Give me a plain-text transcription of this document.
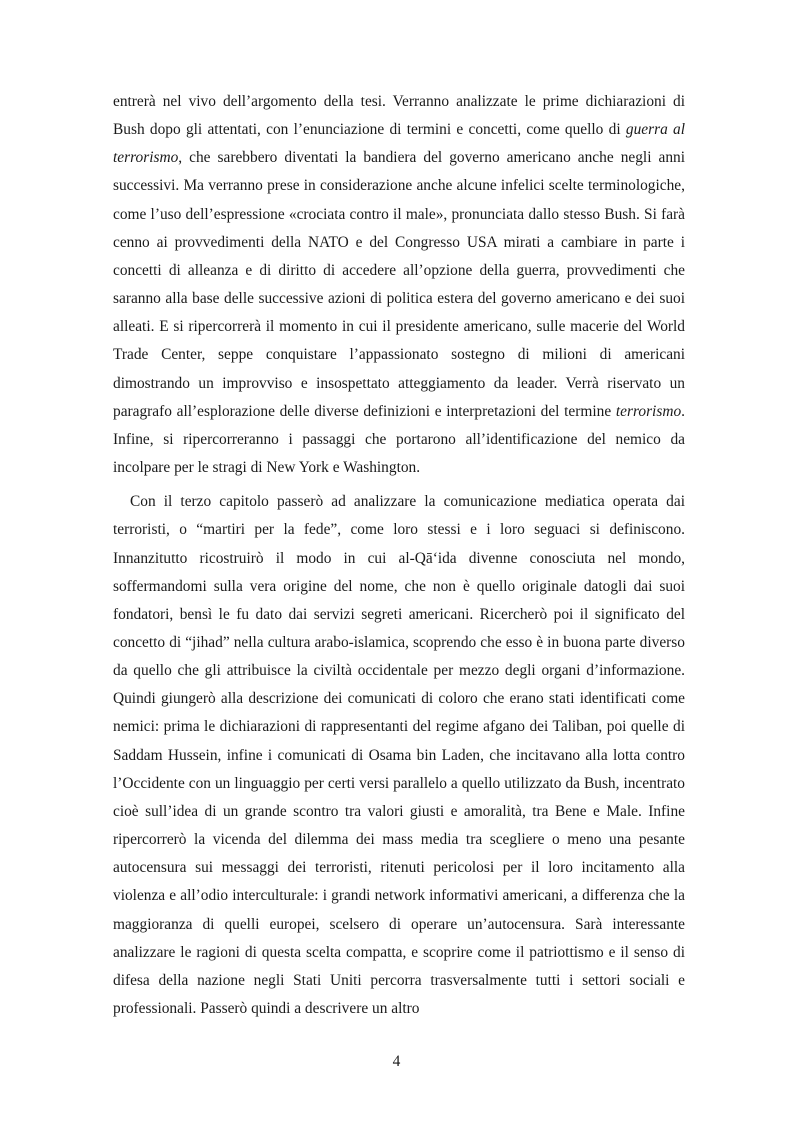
entrerà nel vivo dell’argomento della tesi. Verranno analizzate le prime dichiarazioni di Bush dopo gli attentati, con l’enunciazione di termini e concetti, come quello di guerra al terrorismo, che sarebbero diventati la bandiera del governo americano anche negli anni successivi. Ma verranno prese in considerazione anche alcune infelici scelte terminologiche, come l’uso dell’espressione «crociata contro il male», pronunciata dallo stesso Bush. Si farà cenno ai provvedimenti della NATO e del Congresso USA mirati a cambiare in parte i concetti di alleanza e di diritto di accedere all’opzione della guerra, provvedimenti che saranno alla base delle successive azioni di politica estera del governo americano e dei suoi alleati. E si ripercorrerà il momento in cui il presidente americano, sulle macerie del World Trade Center, seppe conquistare l’appassionato sostegno di milioni di americani dimostrando un improvviso e insospettato atteggiamento da leader. Verrà riservato un paragrafo all’esplorazione delle diverse definizioni e interpretazioni del termine terrorismo. Infine, si ripercorreranno i passaggi che portarono all’identificazione del nemico da incolpare per le stragi di New York e Washington.

Con il terzo capitolo passerò ad analizzare la comunicazione mediatica operata dai terroristi, o “martiri per la fede”, come loro stessi e i loro seguaci si definiscono. Innanzitutto ricostruirò il modo in cui al-Qā‘ida divenne conosciuta nel mondo, soffermandomi sulla vera origine del nome, che non è quello originale datogli dai suoi fondatori, bensì le fu dato dai servizi segreti americani. Ricercherò poi il significato del concetto di “jihad” nella cultura arabo-islamica, scoprendo che esso è in buona parte diverso da quello che gli attribuisce la civiltà occidentale per mezzo degli organi d’informazione. Quindi giungerò alla descrizione dei comunicati di coloro che erano stati identificati come nemici: prima le dichiarazioni di rappresentanti del regime afgano dei Taliban, poi quelle di Saddam Hussein, infine i comunicati di Osama bin Laden, che incitavano alla lotta contro l’Occidente con un linguaggio per certi versi parallelo a quello utilizzato da Bush, incentrato cioè sull’idea di un grande scontro tra valori giusti e amoralità, tra Bene e Male. Infine ripercorrerò la vicenda del dilemma dei mass media tra scegliere o meno una pesante autocensura sui messaggi dei terroristi, ritenuti pericolosi per il loro incitamento alla violenza e all’odio interculturale: i grandi network informativi americani, a differenza che la maggioranza di quelli europei, scelsero di operare un’autocensura. Sarà interessante analizzare le ragioni di questa scelta compatta, e scoprire come il patriottismo e il senso di difesa della nazione negli Stati Uniti percorra trasversalmente tutti i settori sociali e professionali. Passerò quindi a descrivere un altro

4
